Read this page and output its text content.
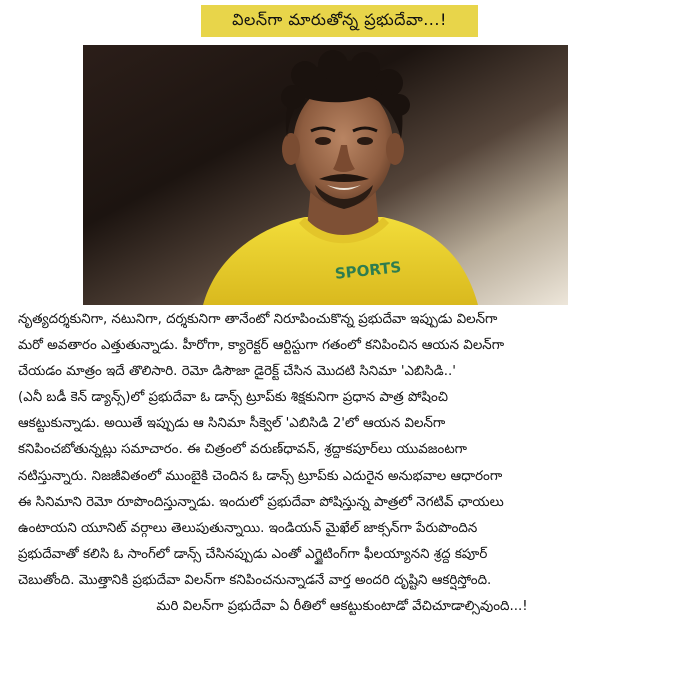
విలన్‌గా మారుతోన్న ప్రభుదేవా...!
SPORTS

నృత్యదర్శకునిగా, నటునిగా, దర్శకునిగా తానేంటో నిరూపించుకొన్న ప్రభుదేవా ఇప్పుడు విలన్‌గా

మరో అవతారం ఎత్తుతున్నాడు. హీరోగా, క్యారెక్టర్ ఆర్టిస్టుగా గతంలో కనిపించిన ఆయన విలన్‌గా

చేయడం మాత్రం ఇదే తొలిసారి. రెమో డిసౌజా డైరెక్ట్ చేసిన మొదటి సినిమా 'ఎబిసిడి..'

(ఎనీ బడీ కెన్ డ్యాన్స్)లో ప్రభుదేవా ఓ డాన్స్ ట్రూప్‌కు శిక్షకునిగా ప్రధాన పాత్ర పోషించి

ఆకట్టుకున్నాడు. అయితే ఇప్పుడు ఆ సినిమా సీక్వెల్ 'ఎబిసిడి 2'లో ఆయన విలన్‌గా

కనిపించబోతున్నట్లు సమాచారం. ఈ చిత్రంలో వరుణ్‌ధావన్, శ్రద్దాకపూర్‌లు యువజంటగా

నటిస్తున్నారు. నిజజీవితంలో ముంబైకి చెందిన ఓ డాన్స్ ట్రూప్‌కు ఎదురైన అనుభవాల ఆధారంగా

ఈ సినిమాని రెమో రూపొందిస్తున్నాడు. ఇందులో ప్రభుదేవా పోషిస్తున్న పాత్రలో నెగటివ్ ఛాయలు

ఉంటాయని యూనిట్ వర్గాలు తెలుపుతున్నాయి. ఇండియన్ మైఖేల్ జాక్సన్‌గా పేరుపొందిన

ప్రభుదేవాతో కలిసి ఓ సాంగ్‌లో డాన్స్ చేసినప్పుడు ఎంతో ఎగ్జైటింగ్‌గా ఫీలయ్యానని శ్రద్ద కపూర్

చెబుతోంది. మొత్తానికి ప్రభుదేవా విలన్‌గా కనిపించనున్నాడనే వార్త అందరి దృష్టిని ఆకర్షిస్తోంది.

మరి విలన్‌గా ప్రభుదేవా ఏ రీతిలో ఆకట్టుకుంటాడో వేచిచూడాల్సివుంది...!
